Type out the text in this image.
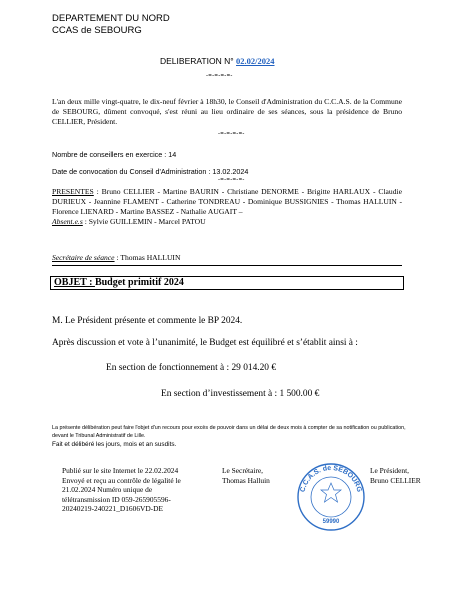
DEPARTEMENT DU NORD
CCAS de SEBOURG
DELIBERATION N° 02.02/2024
-=-=-=-=-
L'an deux mille vingt-quatre, le dix-neuf février à 18h30, le Conseil d'Administration du C.C.A.S. de la Commune de SEBOURG, dûment convoqué, s'est réuni au lieu ordinaire de ses séances, sous la présidence de Bruno CELLIER, Président.
-=-=-=-=-
Nombre de conseillers en exercice : 14
Date de convocation du Conseil d'Administration : 13.02.2024
-=-=-=-=-
PRESENTES : Bruno CELLIER - Martine BAURIN - Christiane DENORME - Brigitte HARLAUX - Claudie DURIEUX - Jeannine FLAMENT - Catherine TONDREAU - Dominique BUSSIGNIES - Thomas HALLUIN - Florence LIENARD - Martine BASSEZ - Nathalie AUGAIT –
Absent.e.s : Sylvie GUILLEMIN - Marcel PATOU
Secrétaire de séance : Thomas HALLUIN
OBJET : Budget primitif 2024
M. Le Président présente et commente le BP 2024.
Après discussion et vote à l’unanimité, le Budget est équilibré et s’établit ainsi à :
En section de fonctionnement à : 29 014.20 €
En section d’investissement à : 1 500.00 €
La présente délibération peut faire l'objet d'un recours pour excès de pouvoir dans un délai de deux mois à compter de sa notification ou publication, devant le Tribunal Administratif de Lille.
Fait et délibéré les jours, mois et an susdits.
Publié sur le site Internet le 22.02.2024
Envoyé et reçu au contrôle de légalité le
21.02.2024 Numéro unique de
télétransmission ID 059-265905596-
20240219-240221_D1606VD-DE
Le Secrétaire,
Thomas Halluin
Le Président,
Bruno CELLIER
C.C.A.S. de SEBOURG
59990
